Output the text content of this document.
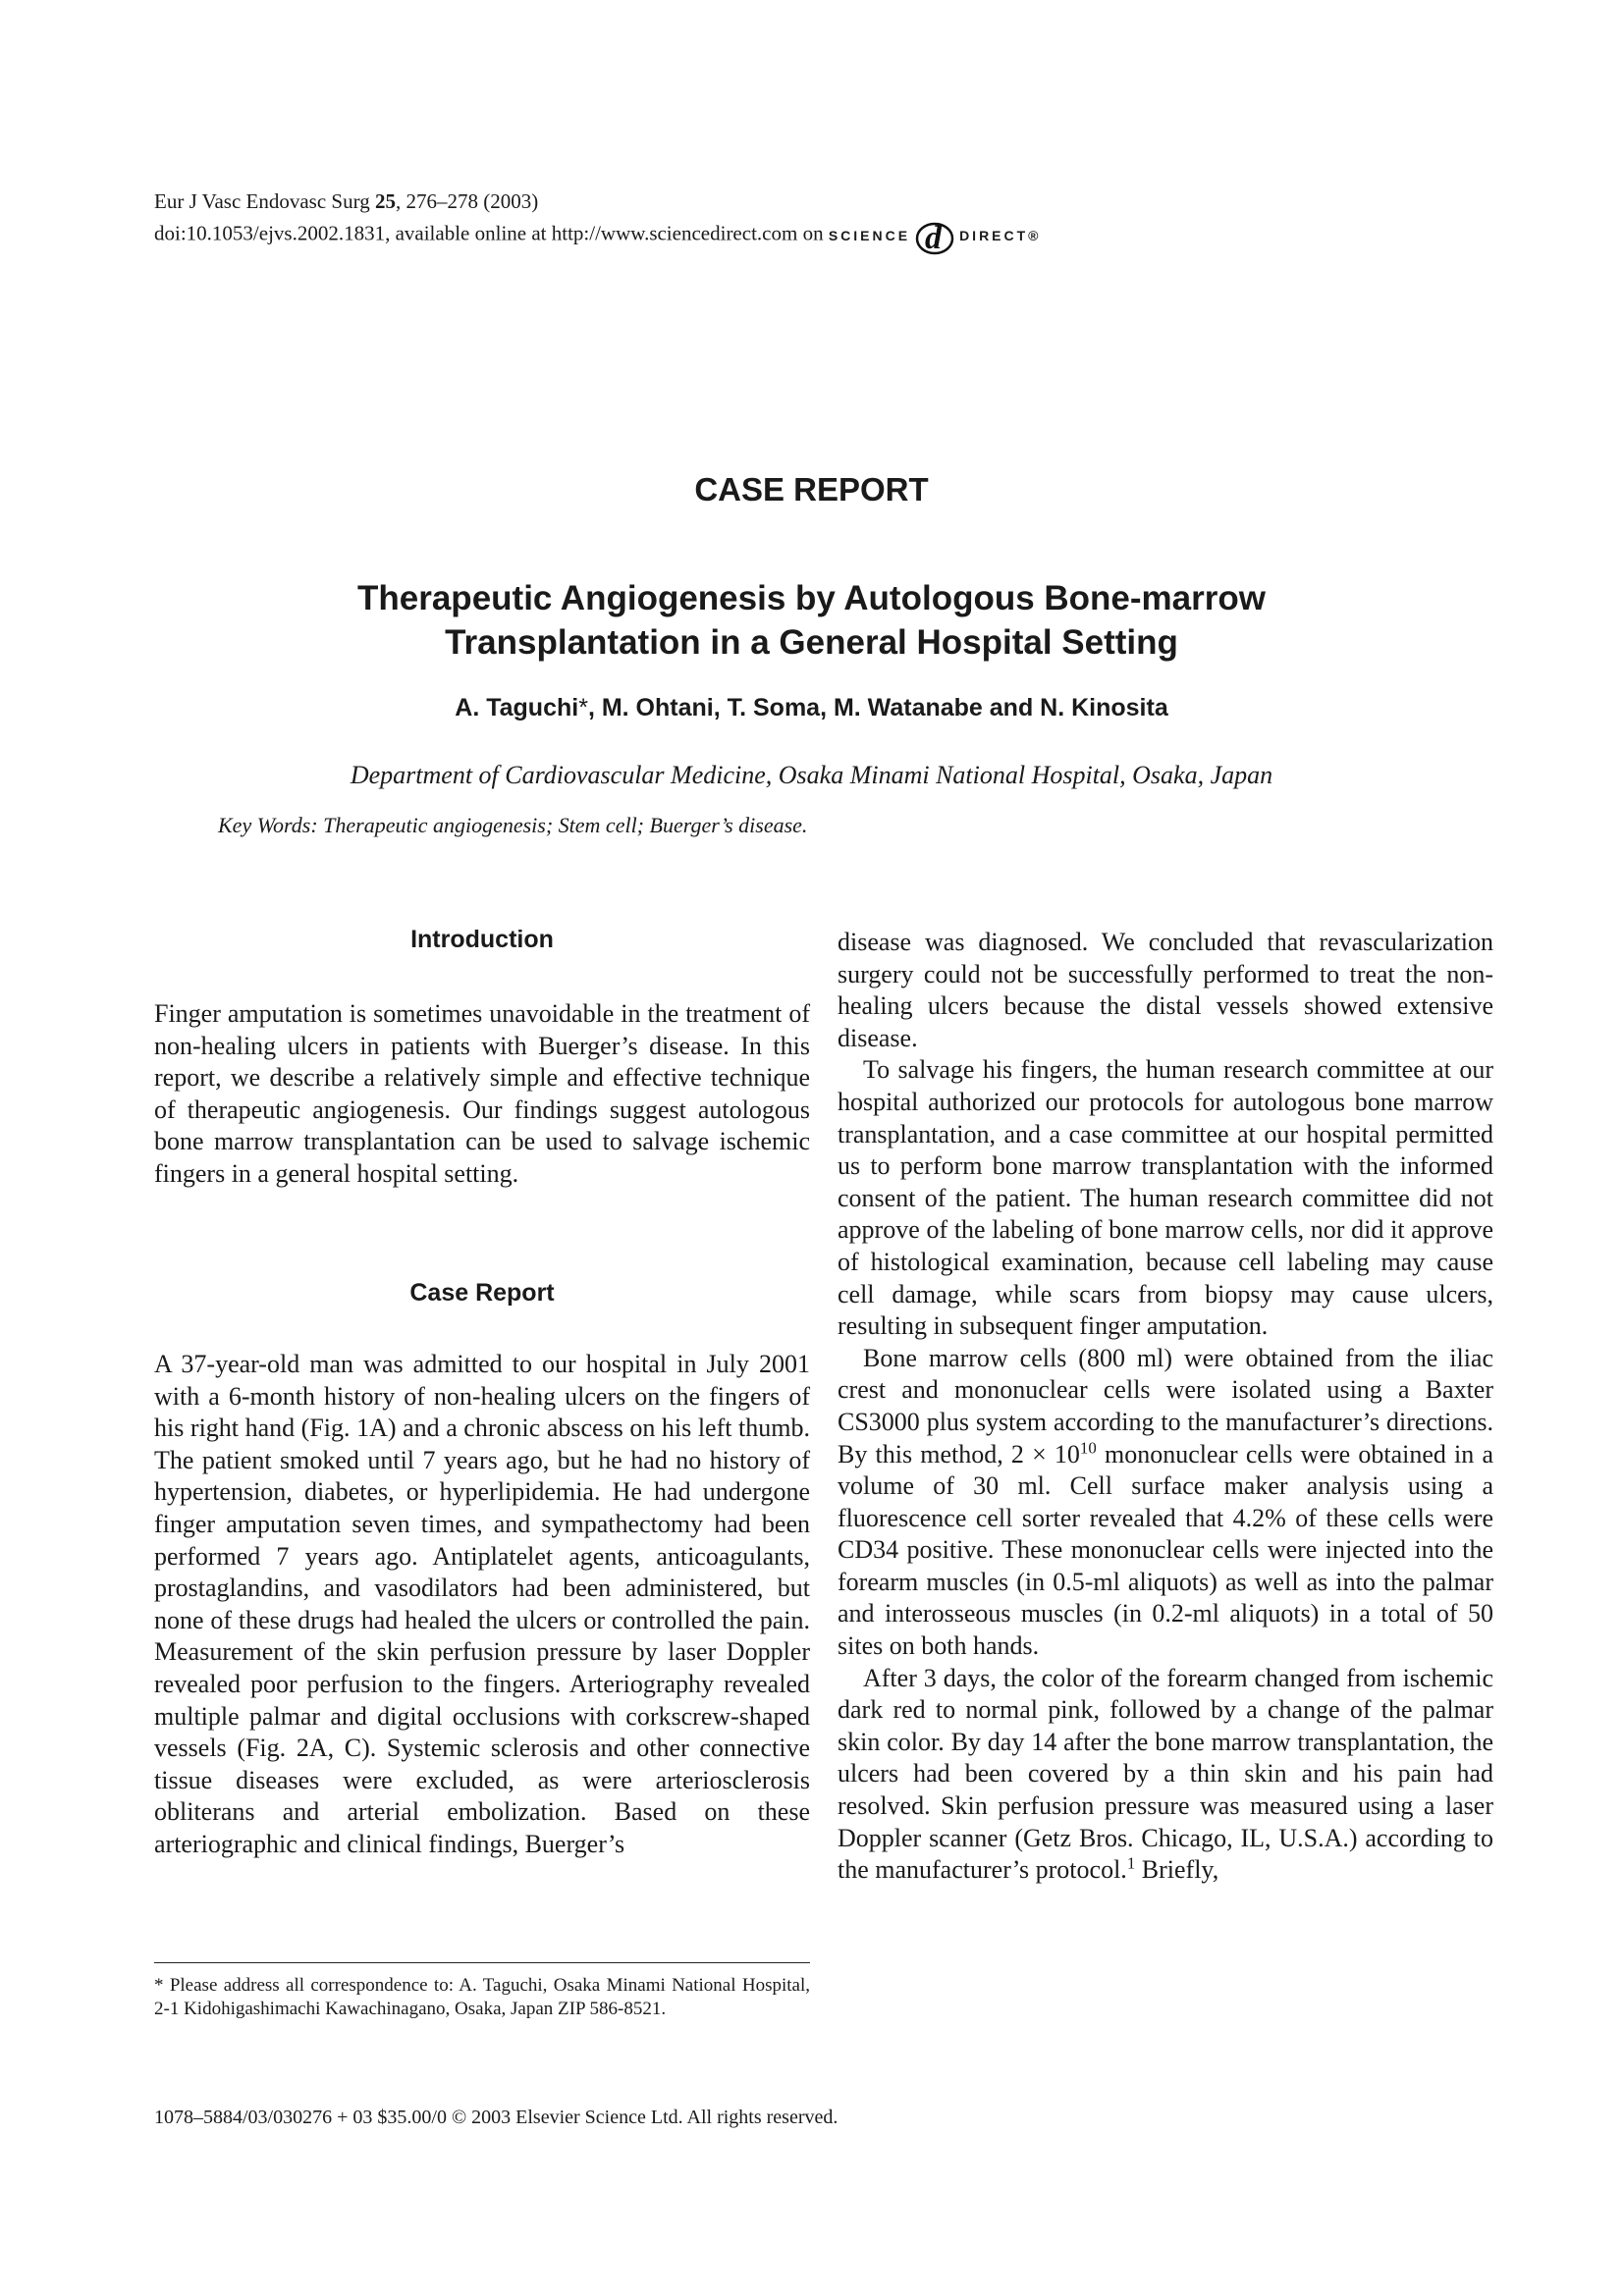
Eur J Vasc Endovasc Surg 25, 276–278 (2003)
doi:10.1053/ejvs.2002.1831, available online at http://www.sciencedirect.com on SCIENCE d DIRECT®
CASE REPORT
Therapeutic Angiogenesis by Autologous Bone-marrow
Transplantation in a General Hospital Setting
A. Taguchi*, M. Ohtani, T. Soma, M. Watanabe and N. Kinosita
Department of Cardiovascular Medicine, Osaka Minami National Hospital, Osaka, Japan
Key Words: Therapeutic angiogenesis; Stem cell; Buerger’s disease.
Introduction

Finger amputation is sometimes unavoidable in the treatment of non-healing ulcers in patients with Buerger’s disease. In this report, we describe a relatively simple and effective technique of therapeutic angiogenesis. Our findings suggest autologous bone marrow transplantation can be used to salvage ischemic fingers in a general hospital setting.

Case Report

A 37-year-old man was admitted to our hospital in July 2001 with a 6-month history of non-healing ulcers on the fingers of his right hand (Fig. 1A) and a chronic abscess on his left thumb. The patient smoked until 7 years ago, but he had no history of hypertension, diabetes, or hyperlipidemia. He had undergone finger amputation seven times, and sympathectomy had been performed 7 years ago. Antiplatelet agents, anticoagulants, prostaglandins, and vasodilators had been administered, but none of these drugs had healed the ulcers or controlled the pain. Measurement of the skin perfusion pressure by laser Doppler revealed poor perfusion to the fingers. Arteriography revealed multiple palmar and digital occlusions with corkscrew-shaped vessels (Fig. 2A, C). Systemic sclerosis and other connective tissue diseases were excluded, as were arteriosclerosis obliterans and arterial embolization. Based on these arteriographic and clinical findings, Buerger’s

disease was diagnosed. We concluded that revascularization surgery could not be successfully performed to treat the non-healing ulcers because the distal vessels showed extensive disease.

To salvage his fingers, the human research committee at our hospital authorized our protocols for autologous bone marrow transplantation, and a case committee at our hospital permitted us to perform bone marrow transplantation with the informed consent of the patient. The human research committee did not approve of the labeling of bone marrow cells, nor did it approve of histological examination, because cell labeling may cause cell damage, while scars from biopsy may cause ulcers, resulting in subsequent finger amputation.

Bone marrow cells (800 ml) were obtained from the iliac crest and mononuclear cells were isolated using a Baxter CS3000 plus system according to the manufacturer’s directions. By this method, $2 \times 10^{10}$ mononuclear cells were obtained in a volume of 30 ml. Cell surface maker analysis using a fluorescence cell sorter revealed that 4.2% of these cells were CD34 positive. These mononuclear cells were injected into the forearm muscles (in 0.5-ml aliquots) as well as into the palmar and interosseous muscles (in 0.2-ml aliquots) in a total of 50 sites on both hands.

After 3 days, the color of the forearm changed from ischemic dark red to normal pink, followed by a change of the palmar skin color. By day 14 after the bone marrow transplantation, the ulcers had been covered by a thin skin and his pain had resolved. Skin perfusion pressure was measured using a laser Doppler scanner (Getz Bros. Chicago, IL, U.S.A.) according to the manufacturer’s protocol.$^1$ Briefly,

* Please address all correspondence to: A. Taguchi, Osaka Minami National Hospital, 2-1 Kidohigashimachi Kawachinagano, Osaka, Japan ZIP 586-8521.
1078–5884/03/030276 + 03 $35.00/0 © 2003 Elsevier Science Ltd. All rights reserved.
